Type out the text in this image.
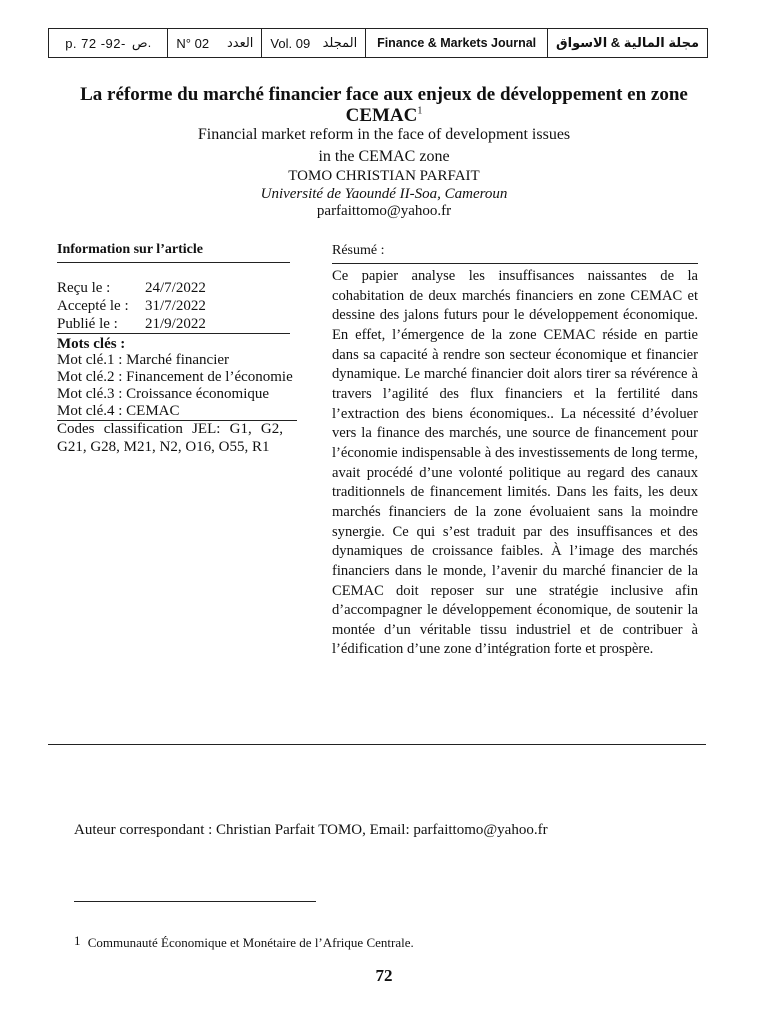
p. 72 -92- ص. N° 02 العدد Vol. 09 المجلد	Finance & Markets Journal	مجلة المالية & الاسواق
La réforme du marché financier face aux enjeux de développement en zone CEMAC$^1$
Financial market reform in the face of development issues
in the CEMAC zone
TOMO CHRISTIAN PARFAIT
Université de Yaoundé II-Soa, Cameroun
parfaittomo@yahoo.fr
Information sur l’article
Reçu le :	24/7/2022
Accepté le :	31/7/2022
Publié le :	21/9/2022
Mots clés :
Mot clé.1 : Marché financier
Mot clé.2 : Financement de l’économie
Mot clé.3 : Croissance économique
Mot clé.4 : CEMAC
Codes classification JEL: G1, G2, G21, G28, M21, N2, O16, O55, R1
Résumé :
Ce papier analyse les insuffisances naissantes de la cohabitation de deux marchés financiers en zone CEMAC et dessine des jalons futurs pour le développement économique. En effet, l’émergence de la zone CEMAC réside en partie dans sa capacité à rendre son secteur économique et financier dynamique. Le marché financier doit alors tirer sa révérence à travers l’agilité des flux financiers et la fertilité dans l’extraction des biens économiques.. La nécessité d’évoluer vers la finance des marchés, une source de financement pour l’économie indispensable à des investissements de long terme, avait procédé d’une volonté politique au regard des canaux traditionnels de financement limités. Dans les faits, les deux marchés financiers de la zone évoluaient sans la moindre synergie. Ce qui s’est traduit par des insuffisances et des dynamiques de croissance faibles. À l’image des marchés financiers dans le monde, l’avenir du marché financier de la CEMAC doit reposer sur une stratégie inclusive afin d’accompagner le développement économique, de soutenir la montée d’un véritable tissu industriel et de contribuer à l’édification d’une zone d’intégration forte et prospère.
Auteur correspondant : Christian Parfait TOMO, Email: parfaittomo@yahoo.fr
1 Communauté Économique et Monétaire de l’Afrique Centrale.
72
